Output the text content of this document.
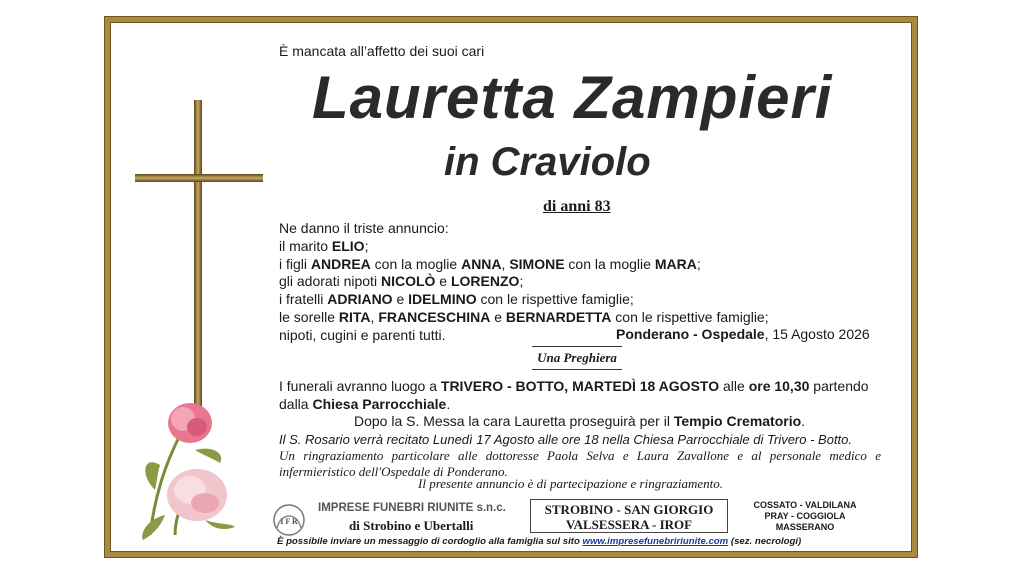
È mancata all’affetto dei suoi cari
Lauretta Zampieri
in Craviolo
di anni 83
Ne danno il triste annuncio:
il marito ELIO;
i figli ANDREA con la moglie ANNA, SIMONE con la moglie MARA;
gli adorati nipoti NICOLÒ e LORENZO;
i fratelli ADRIANO e IDELMINO con le rispettive famiglie;
le sorelle RITA, FRANCESCHINA e BERNARDETTA con le rispettive famiglie;
nipoti, cugini e parenti tutti.	Ponderano - Ospedale, 15 Agosto 2026
Una Preghiera
I funerali avranno luogo a TRIVERO - BOTTO, MARTEDÌ 18 AGOSTO alle ore 10,30 partendo
dalla Chiesa Parrocchiale.
Dopo la S. Messa la cara Lauretta proseguirà per il Tempio Crematorio.
Il S. Rosario verrà recitato Lunedì 17 Agosto alle ore 18 nella Chiesa Parrocchiale di Trivero - Botto.
Un ringraziamento particolare alle dottoresse Paola Selva e Laura Zavallone e al personale medico e infermieristico dell'Ospedale di Ponderano.
Il presente annuncio è di partecipazione e ringraziamento.
I F R
IMPRESE FUNEBRI RIUNITE s.n.c.
di Strobino e Ubertalli
STROBINO - SAN GIORGIO
VALSESSERA - IROF
COSSATO - VALDILANA
PRAY - COGGIOLA
MASSERANO
È possibile inviare un messaggio di cordoglio alla famiglia sul sito www.impresefunebririunite.com (sez. necrologi)
